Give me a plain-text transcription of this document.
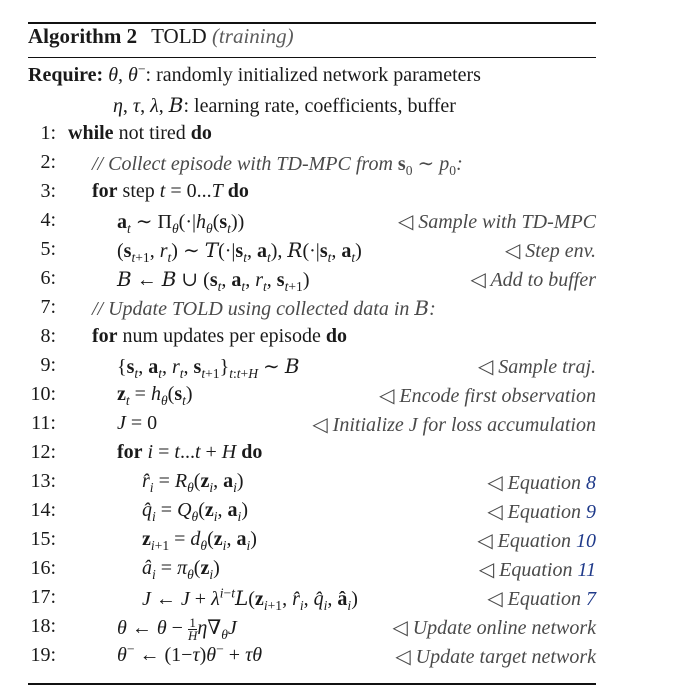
Algorithm 2 TOLD (training)
Require: θ, θ−: randomly initialized network parameters
η, τ, λ, B: learning rate, coefficients, buffer
1: while not tired do
2: // Collect episode with TD-MPC from $s_0$ ∼ $p_0$:
3: for step t = 0...T do
4:	$a_t$ ∼ $\Pi_\theta(\cdot|h_\theta(s_t))$	◁ Sample with TD-MPC
5:	($s_{t+1}$, $r_t$) ∼ $T(\cdot|s_t$, $a_t$), $R(\cdot|s_t$, $a_t$)	◁ Step env.
6:	B ← B ∪ ($s_t$, $a_t$, $r_t$, $s_{t+1}$)	◁ Add to buffer
7: // Update TOLD using collected data in B:
8: for num updates per episode do
9:	{$s_t$, $a_t$, $r_t$, $s_{t+1}\}_{t:t+H}$ ∼ B	◁ Sample traj.
10:	$z_t = h_\theta(s_t)$	◁ Encode first observation
11:	J = 0	◁ Initialize J for loss accumulation
12:	for i = t...t + H do
13:	$r̂_i = R_\theta(z_i$, $a_i$)	◁ Equation 8
14:	$q̂_i = Q_\theta(z_i$, $a_i$)	◁ Equation 9
15:	$z_{i+1} = d_\theta(z_i$, $a_i$)	◁ Equation 10
16:	$â_i = \pi_\theta(z_i)$	◁ Equation 11
17:	J ← $J + \lambda^{i-t}L(z_{i+1}$, $r̂_i$, $q̂_i$, $â_i$)	◁ Equation 7
18:	θ ← $\theta - \frac{1}{H} \eta\nabla_\theta J$	◁ Update online network
19:	θ− ← (1−τ)θ− + τθ	◁ Update target network
